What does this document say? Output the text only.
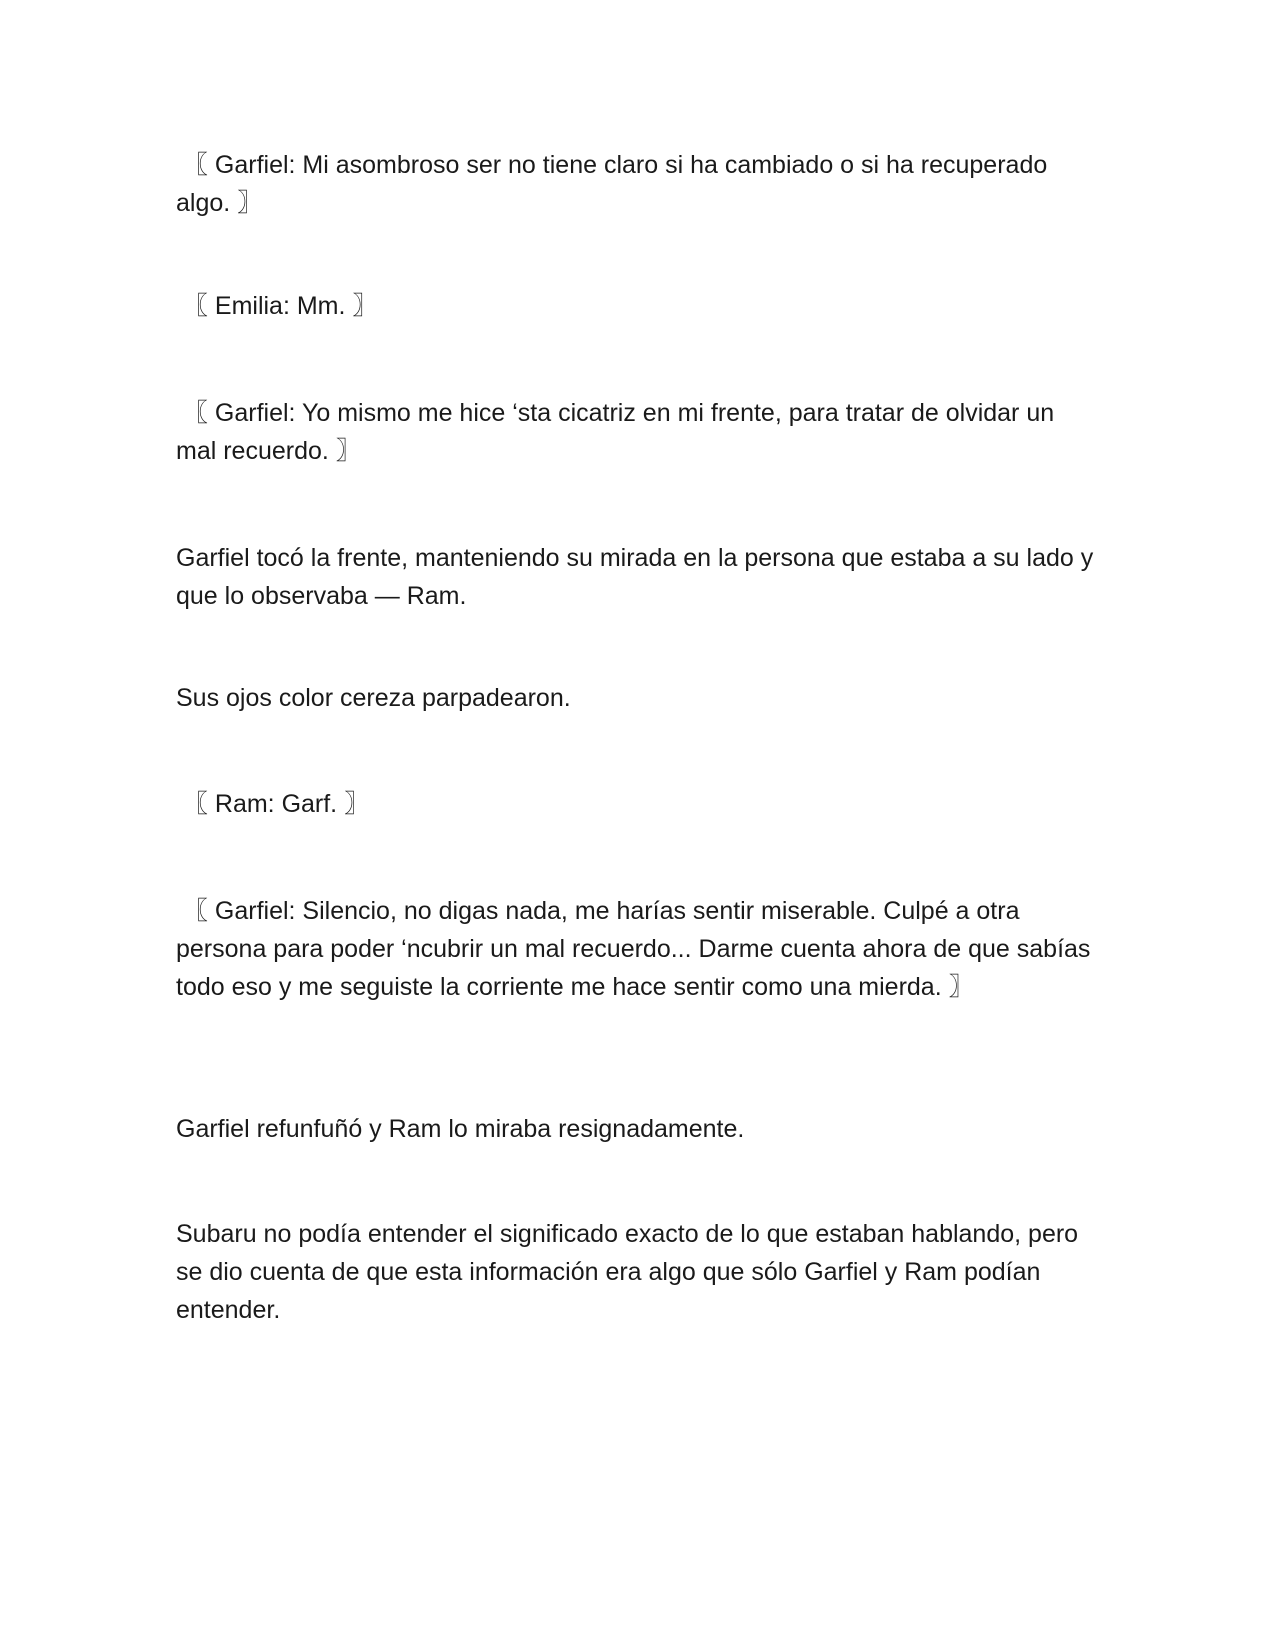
〖 Garfiel: Mi asombroso ser no tiene claro si ha cambiado o si ha recuperado algo. 〗

〖 Emilia: Mm. 〗

〖 Garfiel: Yo mismo me hice ‘sta cicatriz en mi frente, para tratar de olvidar un mal recuerdo. 〗

Garfiel tocó la frente, manteniendo su mirada en la persona que estaba a su lado y que lo observaba — Ram.

Sus ojos color cereza parpadearon.

〖 Ram: Garf. 〗

〖 Garfiel: Silencio, no digas nada, me harías sentir miserable. Culpé a otra persona para poder ‘ncubrir un mal recuerdo... Darme cuenta ahora de que sabías todo eso y me seguiste la corriente me hace sentir como una mierda. 〗

Garfiel refunfuñó y Ram lo miraba resignadamente.

Subaru no podía entender el significado exacto de lo que estaban hablando, pero se dio cuenta de que esta información era algo que sólo Garfiel y Ram podían entender.
